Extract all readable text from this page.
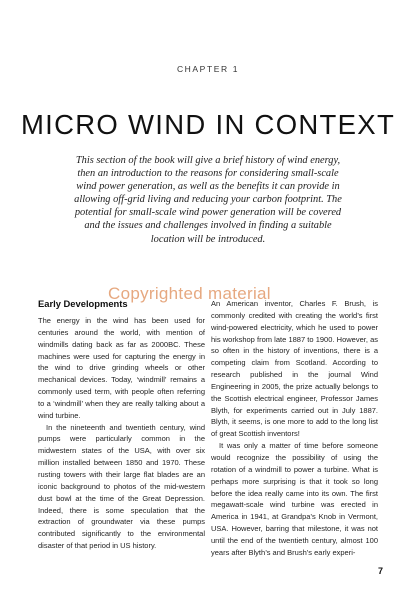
CHAPTER 1
MICRO WIND IN CONTEXT

This section of the book will give a brief history of wind energy, then an introduction to the reasons for considering small-scale wind power generation, as well as the benefits it can provide in allowing off-grid living and reducing your carbon footprint. The potential for small-scale wind power generation will be covered and the issues and challenges involved in finding a suitable location will be introduced.

Early Developments

The energy in the wind has been used for centuries around the world, with mention of windmills dating back as far as 2000BC. These machines were used for capturing the energy in the wind to drive grinding wheels or other mechanical devices. Today, ‘windmill’ remains a commonly used term, with people often referring to a ‘windmill’ when they are really talking about a wind turbine.

In the nineteenth and twentieth century, wind pumps were particularly common in the midwestern states of the USA, with over six million installed between 1850 and 1970. These rusting towers with their large flat blades are an iconic background to photos of the mid-western dust bowl at the time of the Great Depression. Indeed, there is some speculation that the extraction of groundwater via these pumps contributed significantly to the environmental disaster of that period in US history.

An American inventor, Charles F. Brush, is commonly credited with creating the world’s first wind-powered electricity, which he used to power his workshop from late 1887 to 1900. However, as so often in the history of inventions, there is a competing claim from Scotland. According to research published in the journal Wind Engineering in 2005, the prize actually belongs to the Scottish electrical engineer, Professor James Blyth, for experiments carried out in July 1887. Blyth, it seems, is one more to add to the long list of great Scottish inventors!

It was only a matter of time before someone would recognize the possibility of using the rotation of a windmill to power a turbine. What is perhaps more surprising is that it took so long before the idea really came into its own. The first megawatt-scale wind turbine was erected in America in 1941, at Grandpa’s Knob in Vermont, USA. However, barring that milestone, it was not until the end of the twentieth century, almost 100 years after Blyth’s and Brush’s early experi-

Copyrighted material
7
